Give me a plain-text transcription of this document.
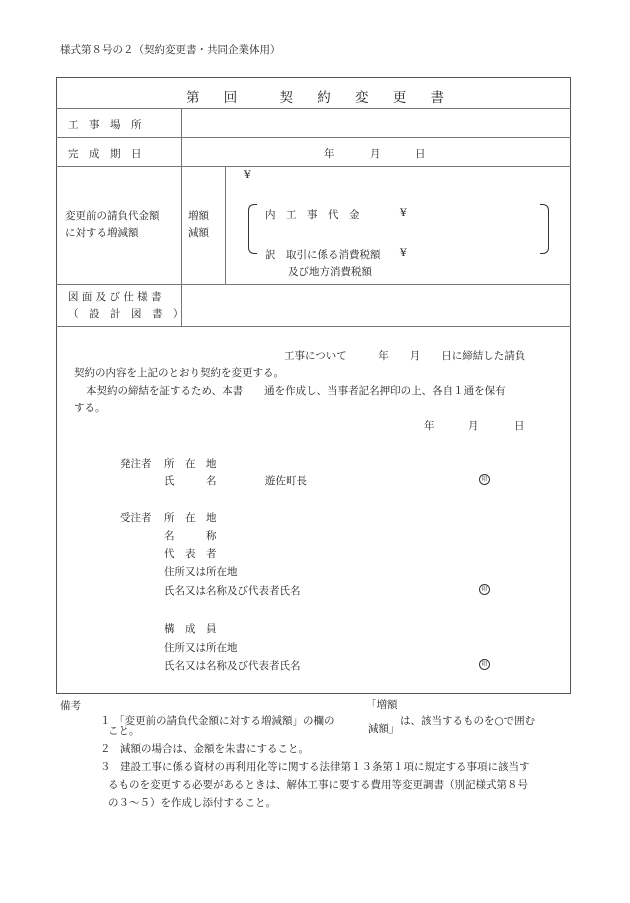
様式第８号の２（契約変更書・共同企業体用）
第 回	契 約 変 更 書
工　事　場　所
完　成　期　日	年	月	日
変更前の請負代金額
に対する増減額
増額
減額
¥
内　工　事　代　金	¥
訳　取引に係る消費税額 ¥
及び地方消費税額
図 面 及 び 仕 様 書
（　設　計　図　書　）
工事について　　　年　　月　　日に締結した請負
契約の内容を上記のとおり契約を変更する。
本契約の締結を証するため、本書　　通を作成し、当事者記名押印の上、各自１通を保有
する。
年	月	日
発注者 所　在　地
氏　　　名	遊佐町長	印
受注者 所　在　地
名　　　称
代　表　者
住所又は所在地
氏名又は名称及び代表者氏名	印
構　成　員
住所又は所在地
氏名又は名称及び代表者氏名	印
備考
１ 「変更前の請負代金額に対する増減額」の欄の
「増額
減額」
は、該当するものを○で囲む
こと。
２ 減額の場合は、金額を朱書にすること。
３ 建設工事に係る資材の再利用化等に関する法律第１３条第１項に規定する事項に該当す
るものを変更する必要があるときは、解体工事に要する費用等変更調書（別記様式第８号
の３～５）を作成し添付すること。
